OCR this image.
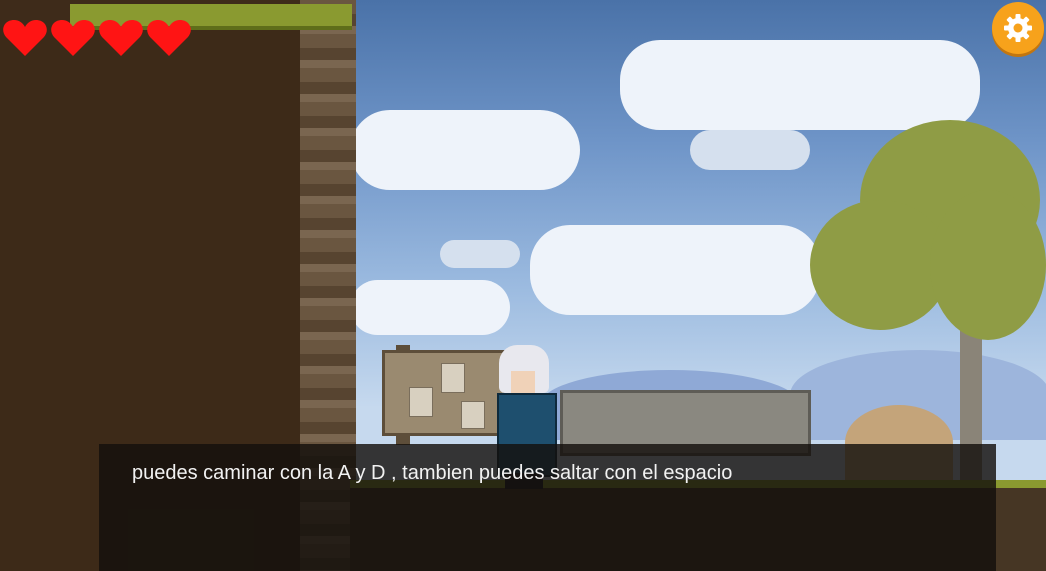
puedes caminar con la A y D , tambien puedes saltar con el espacio
